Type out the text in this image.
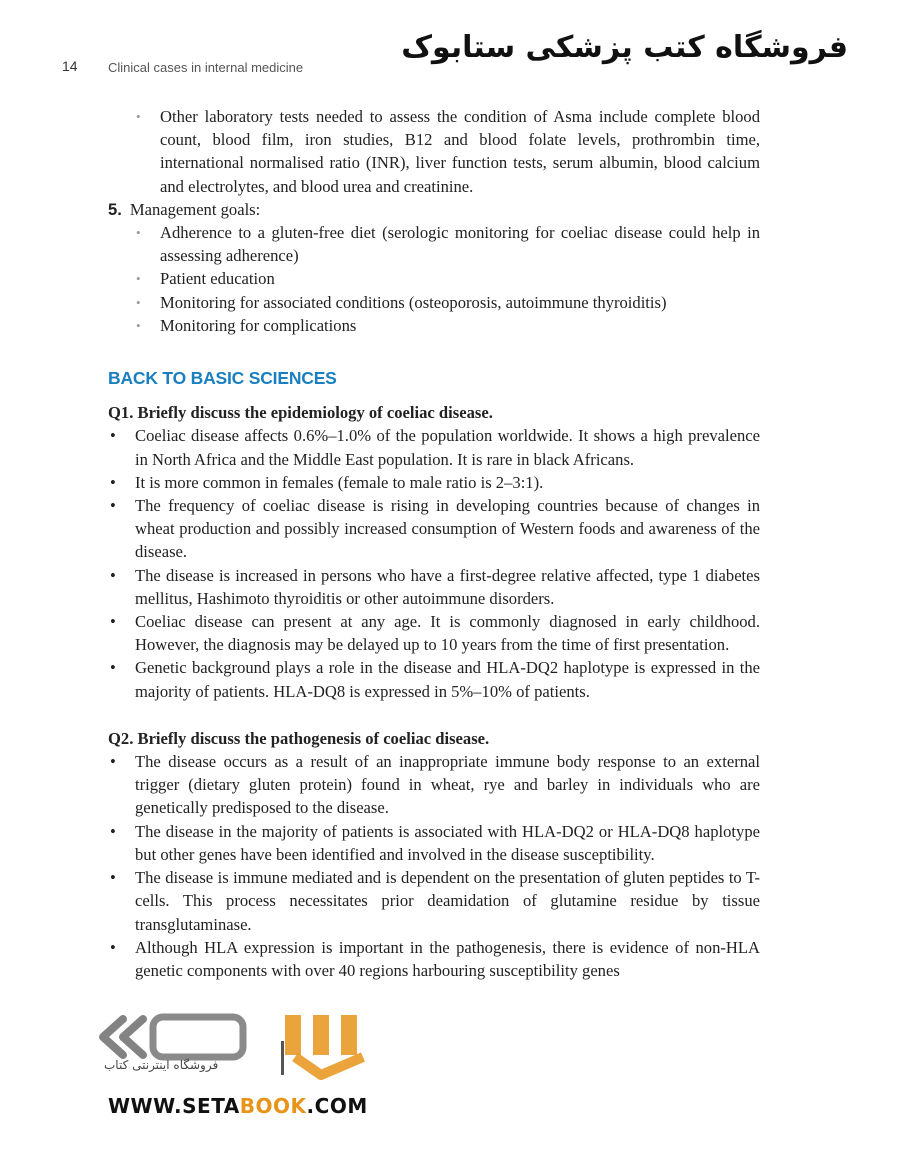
14 Clinical cases in internal medicine
فروشگاه کتب پزشکی ستابوک
• Other laboratory tests needed to assess the condition of Asma include complete blood count, blood film, iron studies, B12 and blood folate levels, prothrombin time, international normalised ratio (INR), liver function tests, serum albumin, blood calcium and electrolytes, and blood urea and creatinine.

5. Management goals:

• Adherence to a gluten-free diet (serologic monitoring for coeliac disease could help in assessing adherence)
• Patient education
• Monitoring for associated conditions (osteoporosis, autoimmune thyroiditis)
• Monitoring for complications

BACK TO BASIC SCIENCES

Q1. Briefly discuss the epidemiology of coeliac disease.

• Coeliac disease affects 0.6%–1.0% of the population worldwide. It shows a high prevalence in North Africa and the Middle East population. It is rare in black Africans.
• It is more common in females (female to male ratio is 2–3:1).
• The frequency of coeliac disease is rising in developing countries because of changes in wheat production and possibly increased consumption of Western foods and awareness of the disease.
• The disease is increased in persons who have a first-degree relative affected, type 1 diabetes mellitus, Hashimoto thyroiditis or other autoimmune disorders.
• Coeliac disease can present at any age. It is commonly diagnosed in early childhood. However, the diagnosis may be delayed up to 10 years from the time of first presentation.
• Genetic background plays a role in the disease and HLA-DQ2 haplotype is expressed in the majority of patients. HLA-DQ8 is expressed in 5%–10% of patients.

Q2. Briefly discuss the pathogenesis of coeliac disease.

• The disease occurs as a result of an inappropriate immune body response to an external trigger (dietary gluten protein) found in wheat, rye and barley in individuals who are genetically predisposed to the disease.
• The disease in the majority of patients is associated with HLA-DQ2 or HLA-DQ8 haplotype but other genes have been identified and involved in the disease susceptibility.
• The disease is immune mediated and is dependent on the presentation of gluten peptides to T-cells. This process necessitates prior deamidation of glutamine residue by tissue transglutaminase.
• Although HLA expression is important in the pathogenesis, there is evidence of non-HLA genetic components with over 40 regions harbouring susceptibility genes
فروشگاه اینترنتی کتاب
WWW.SETABOOK.COM
